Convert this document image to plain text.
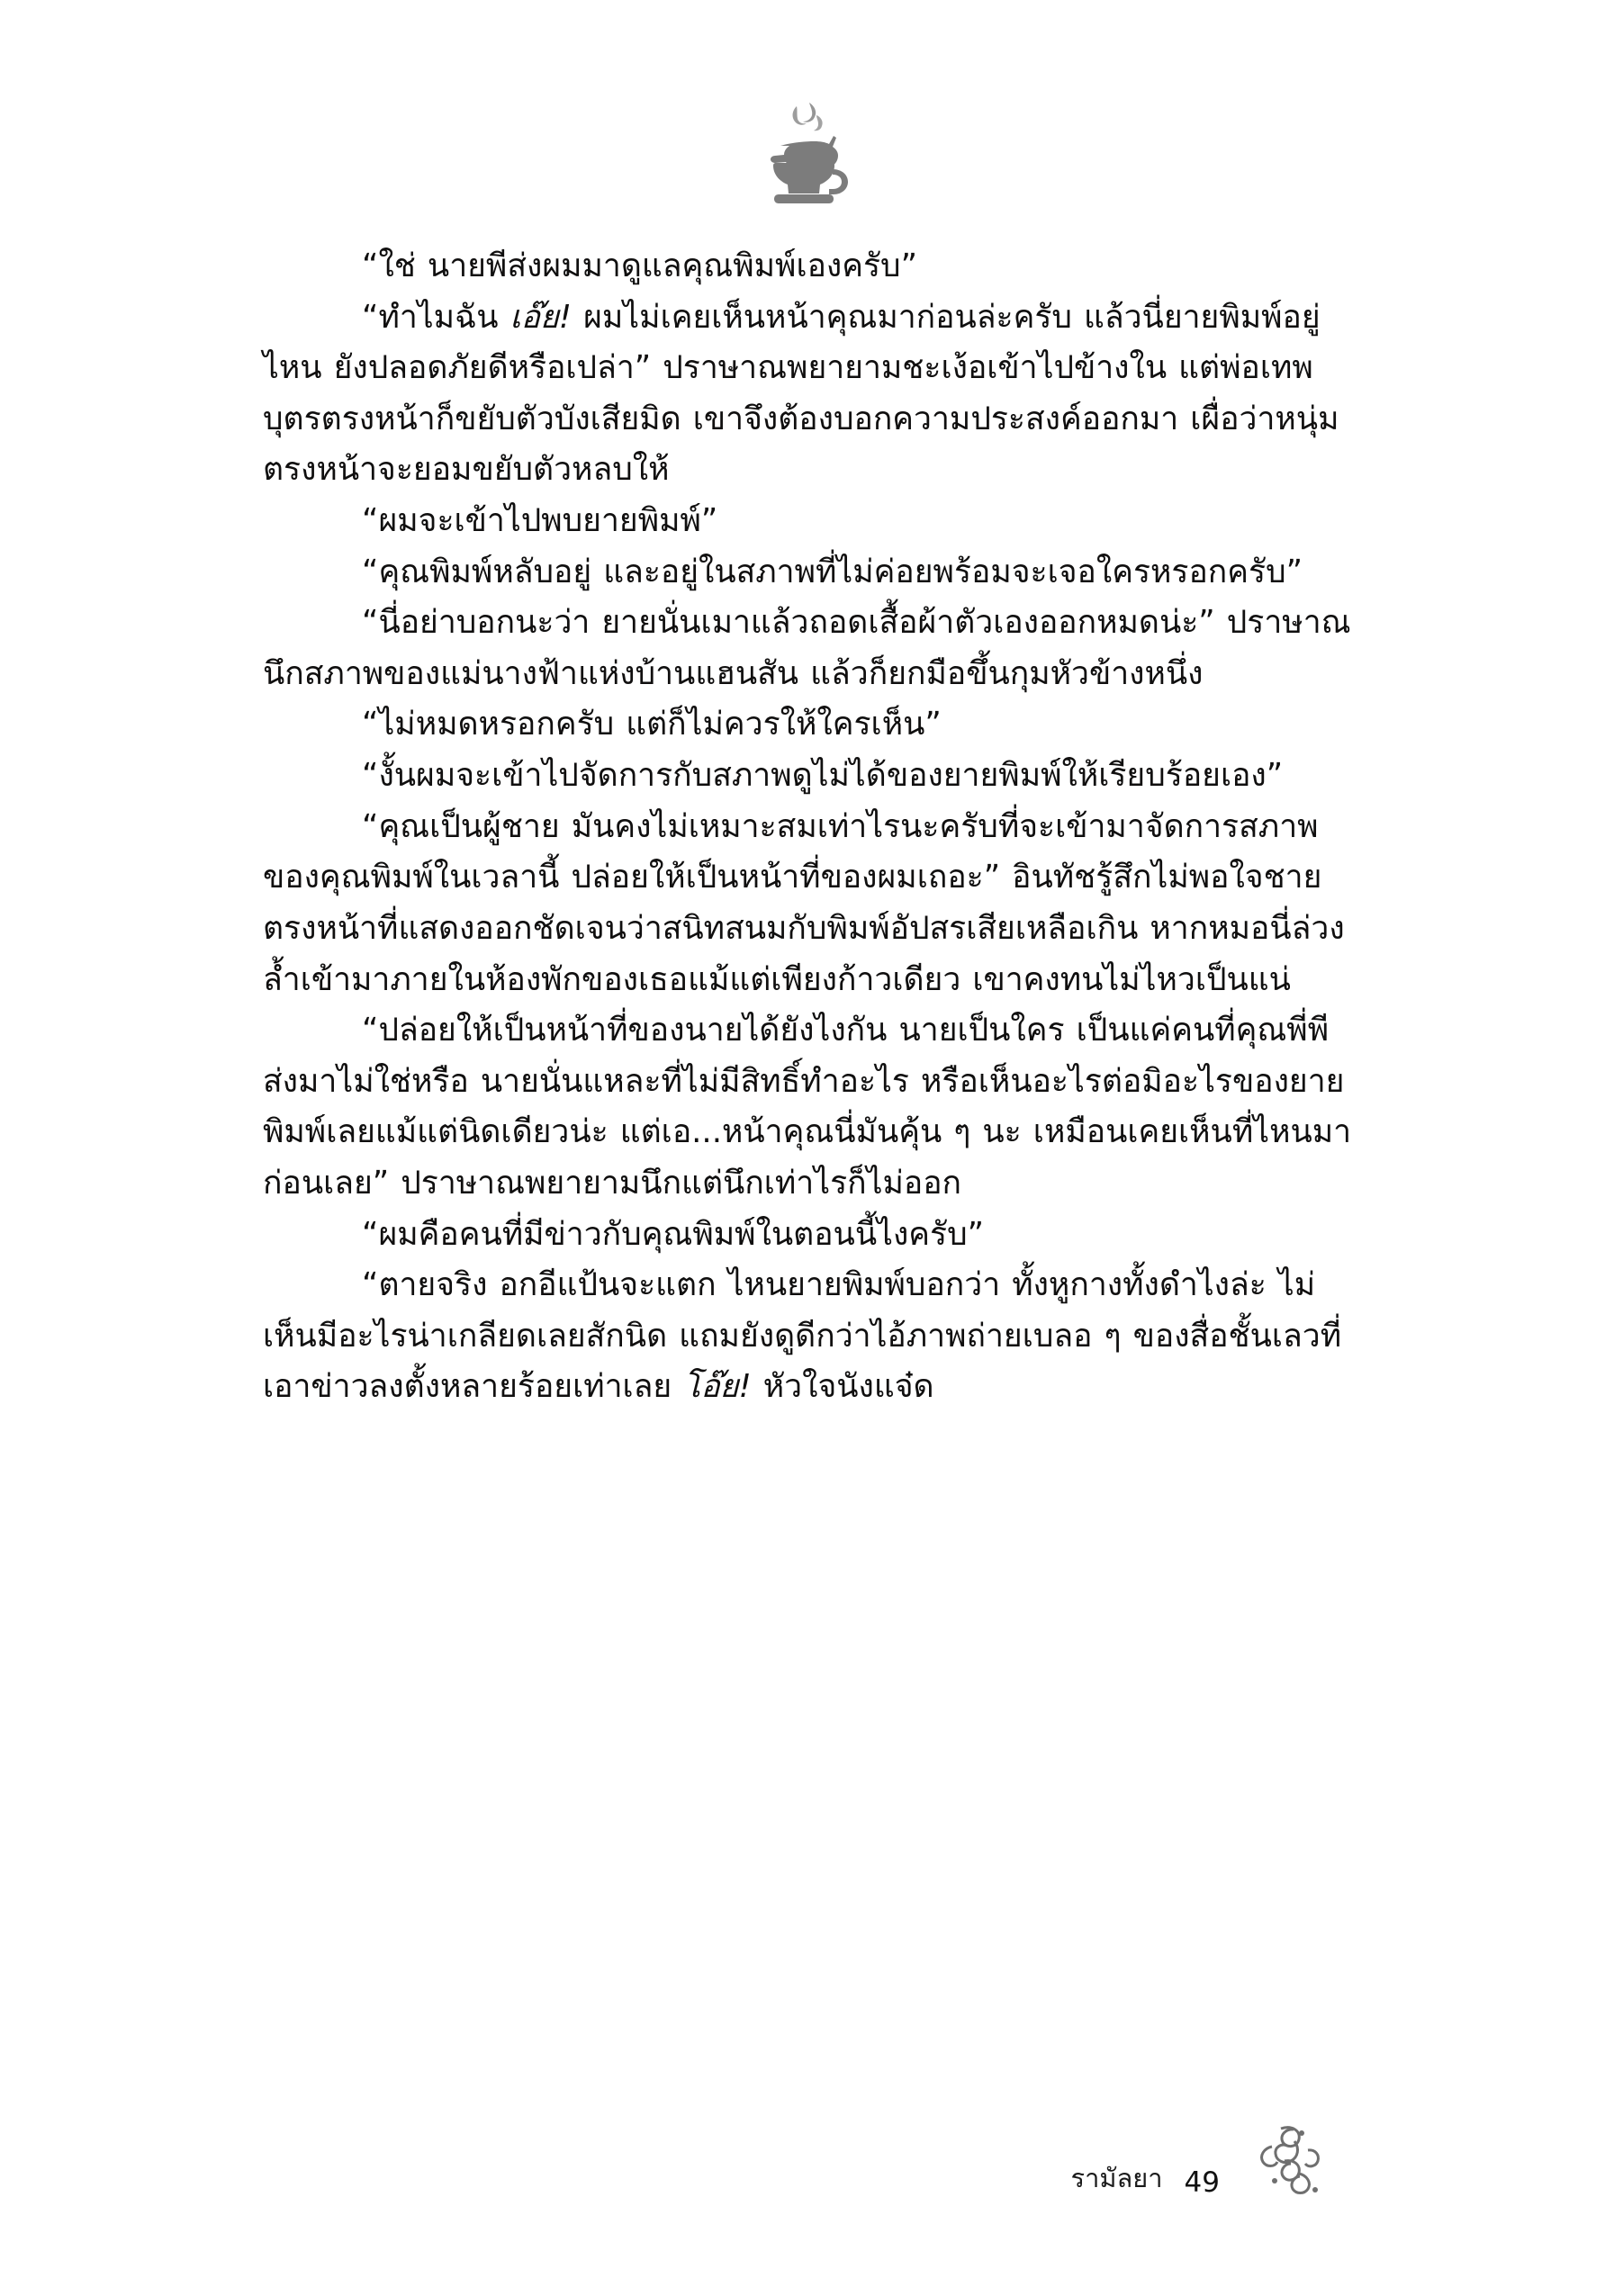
“ใช่ นายพีส่งผมมาดูแลคุณพิมพ์เองครับ”

“ทำไมฉัน เอ๊ย! ผมไม่เคยเห็นหน้าคุณมาก่อนล่ะครับ แล้วนี่ยายพิมพ์อยู่ไหน ยังปลอดภัยดีหรือเปล่า” ปราษาณพยายามชะเง้อเข้าไปข้างใน แต่พ่อเทพบุตรตรงหน้าก็ขยับตัวบังเสียมิด เขาจึงต้องบอกความประสงค์ออกมา เผื่อว่าหนุ่มตรงหน้าจะยอมขยับตัวหลบให้

“ผมจะเข้าไปพบยายพิมพ์”

“คุณพิมพ์หลับอยู่ และอยู่ในสภาพที่ไม่ค่อยพร้อมจะเจอใครหรอกครับ”

“นี่อย่าบอกนะว่า ยายนั่นเมาแล้วถอดเสื้อผ้าตัวเองออกหมดน่ะ” ปราษาณนึกสภาพของแม่นางฟ้าแห่งบ้านแฮนสัน แล้วก็ยกมือขึ้นกุมหัวข้างหนึ่ง

“ไม่หมดหรอกครับ แต่ก็ไม่ควรให้ใครเห็น”

“งั้นผมจะเข้าไปจัดการกับสภาพดูไม่ได้ของยายพิมพ์ให้เรียบร้อยเอง”

“คุณเป็นผู้ชาย มันคงไม่เหมาะสมเท่าไรนะครับที่จะเข้ามาจัดการสภาพของคุณพิมพ์ในเวลานี้ ปล่อยให้เป็นหน้าที่ของผมเถอะ” อินทัชรู้สึกไม่พอใจชายตรงหน้าที่แสดงออกชัดเจนว่าสนิทสนมกับพิมพ์อัปสรเสียเหลือเกิน หากหมอนี่ล่วงล้ำเข้ามาภายในห้องพักของเธอแม้แต่เพียงก้าวเดียว เขาคงทนไม่ไหวเป็นแน่

“ปล่อยให้เป็นหน้าที่ของนายได้ยังไงกัน นายเป็นใคร เป็นแค่คนที่คุณพี่พีส่งมาไม่ใช่หรือ นายนั่นแหละที่ไม่มีสิทธิ์ทำอะไร หรือเห็นอะไรต่อมิอะไรของยายพิมพ์เลยแม้แต่นิดเดียวน่ะ แต่เอ...หน้าคุณนี่มันคุ้น ๆ นะ เหมือนเคยเห็นที่ไหนมาก่อนเลย” ปราษาณพยายามนึกแต่นึกเท่าไรก็ไม่ออก

“ผมคือคนที่มีข่าวกับคุณพิมพ์ในตอนนี้ไงครับ”

“ตายจริง อกอีแป้นจะแตก ไหนยายพิมพ์บอกว่า ทั้งหูกางทั้งดำไงล่ะ ไม่เห็นมีอะไรน่าเกลียดเลยสักนิด แถมยังดูดีกว่าไอ้ภาพถ่ายเบลอ ๆ ของสื่อชั้นเลวที่เอาข่าวลงตั้งหลายร้อยเท่าเลย โอ๊ย! หัวใจนังแจ๋ด

รามัลยา 49
